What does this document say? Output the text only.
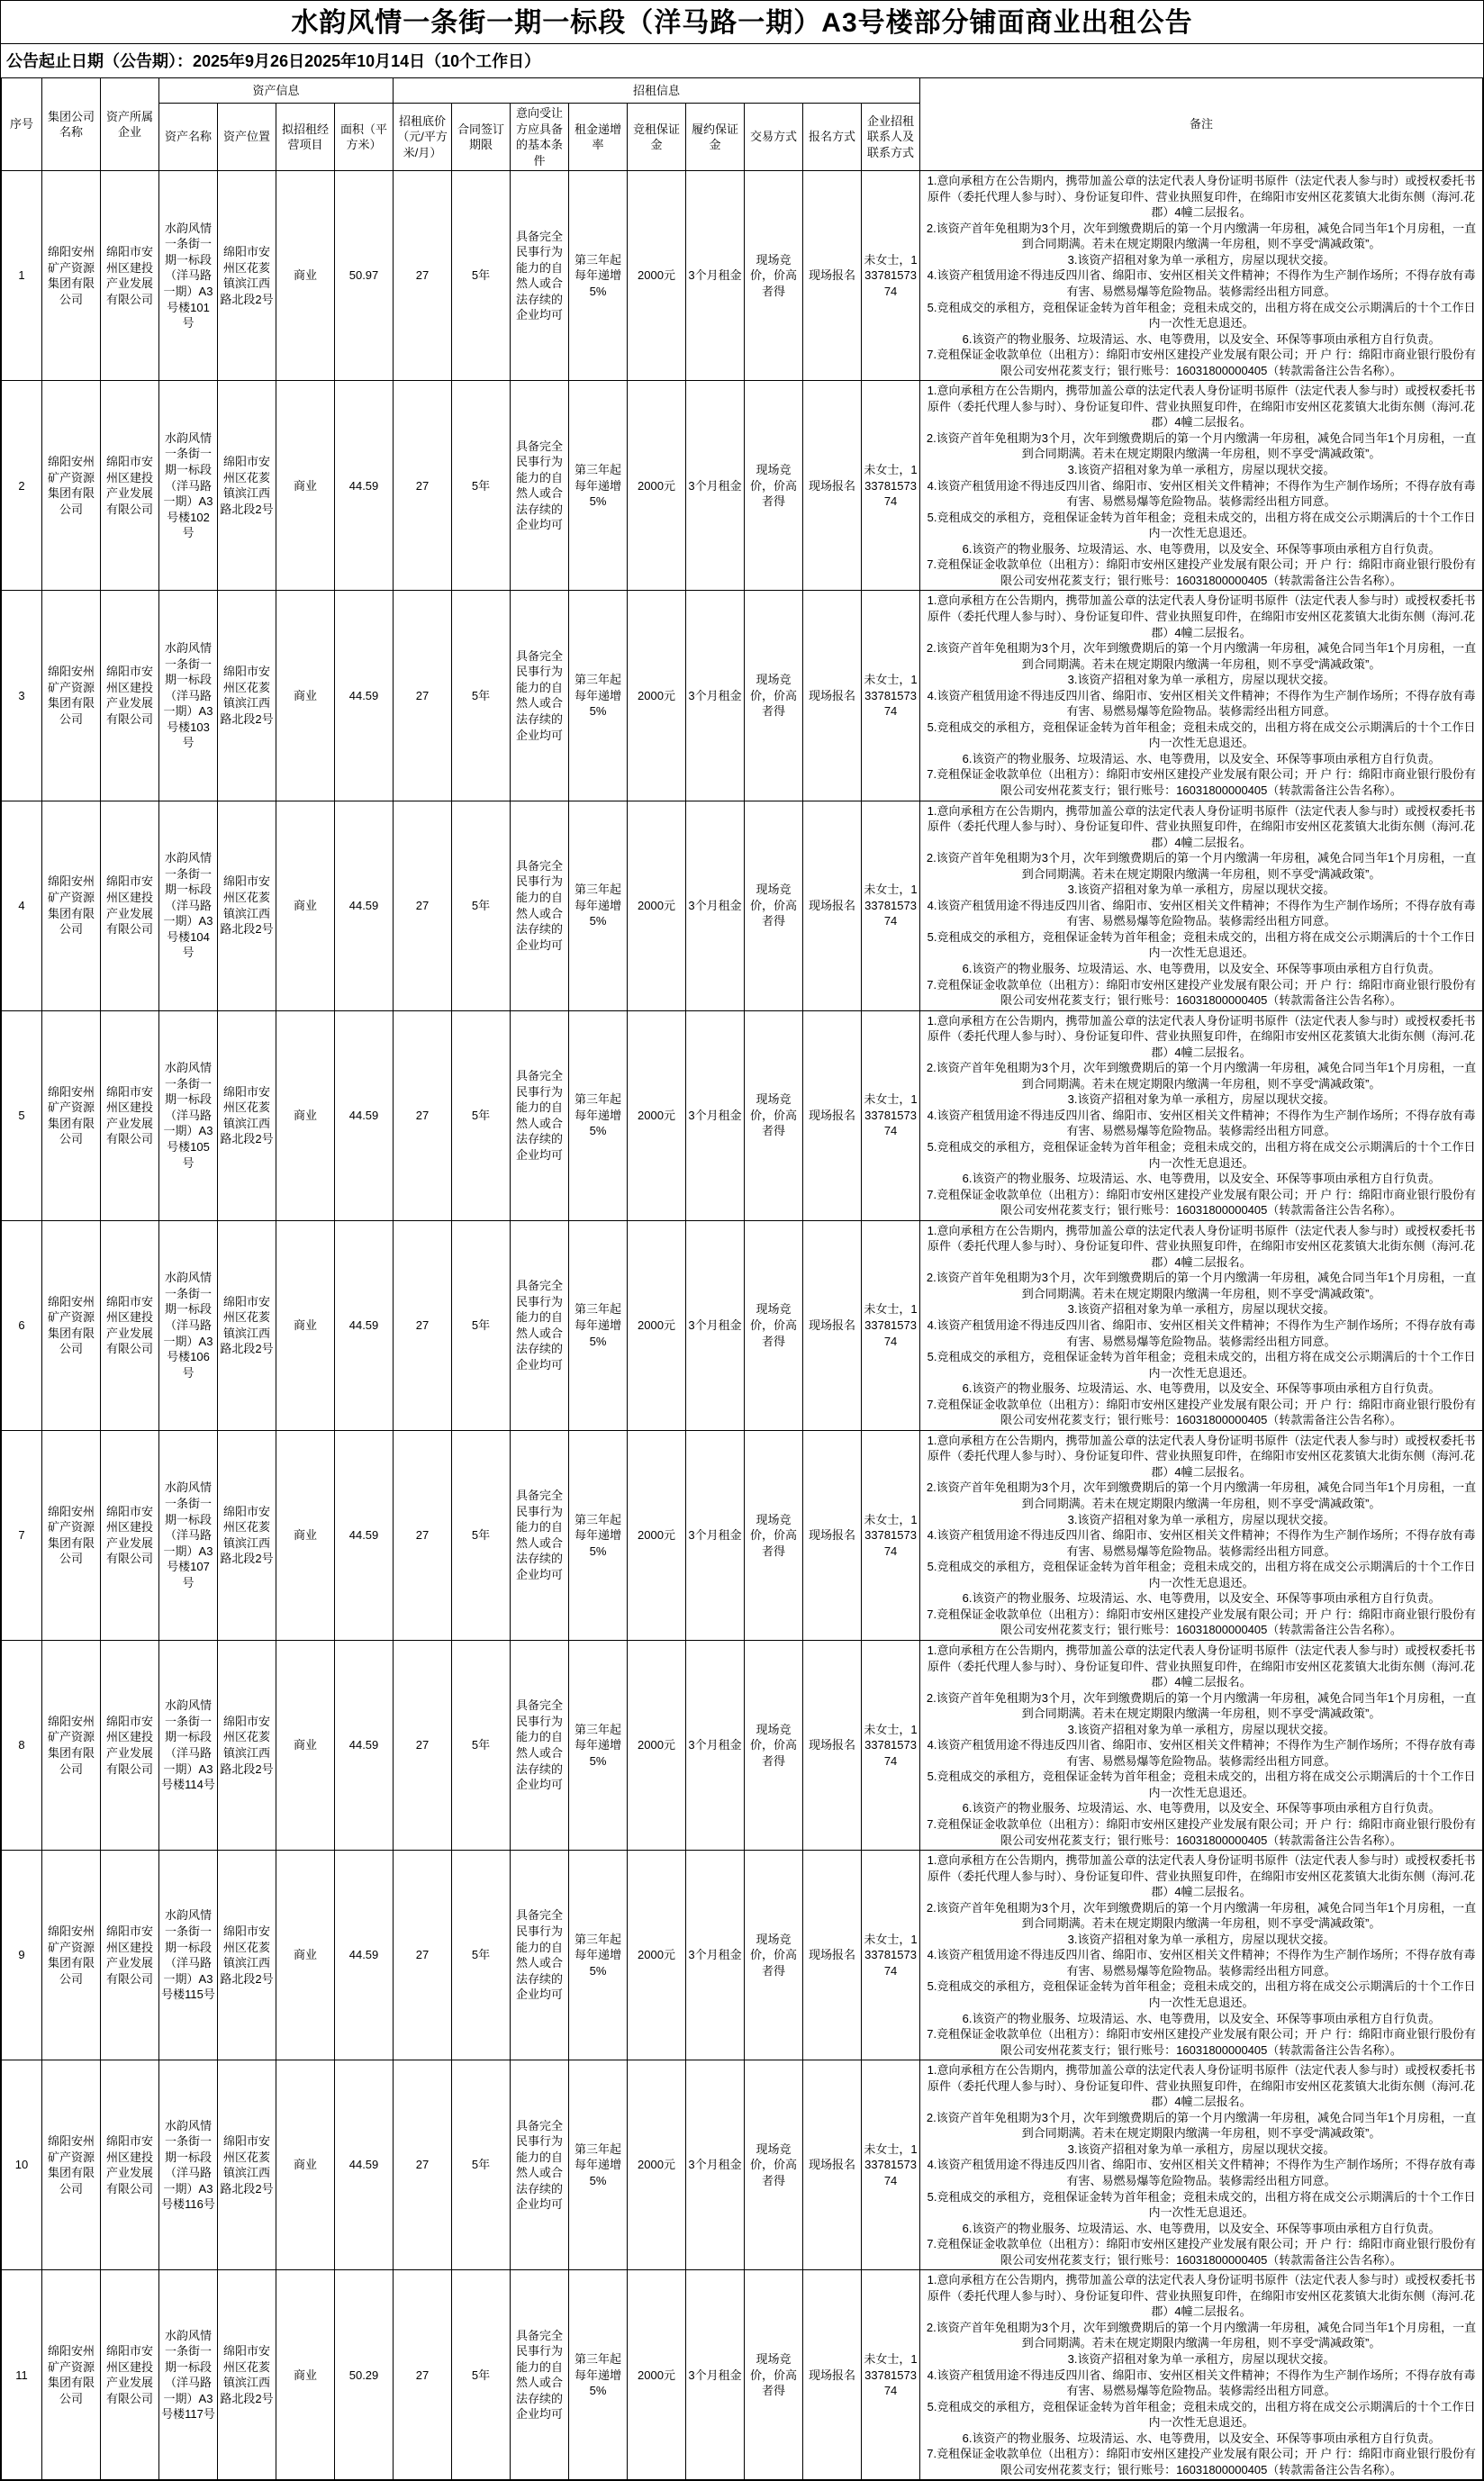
水韵风情一条街一期一标段（洋马路一期）A3号楼部分铺面商业出租公告
公告起止日期（公告期）：2025年9月26日2025年10月14日（10个工作日）
序号	集团公司名称	资产所属企业	资产信息				招租信息									备注
			资产名称	资产位置	拟招租经营项目	面积（平方米）	招租底价（元/平方米/月）	合同签订期限	意向受让方应具备的基本条件	租金递增率	竞租保证金	履约保证金	交易方式	报名方式	企业招租联系人及联系方式	
1	绵阳安州矿产资源集团有限公司	绵阳市安州区建投产业发展有限公司	水韵风情一条街一期一标段（洋马路一期）A3号楼101号	绵阳市安州区花荄镇滨江西路北段2号	商业	50.97	27	5年	具备完全民事行为能力的自然人或合法存续的企业均可	第三年起每年递增5%	2000元	3个月租金	现场竞价，价高者得	现场报名	未女士，13378157374	
1.意向承租方在公告期内，携带加盖公章的法定代表人身份证明书原件（法定代表人参与时）或授权委托书原件（委托代理人参与时）、身份证复印件、营业执照复印件，在绵阳市安州区花荄镇大北街东侧（海河.花郡）4幢二层报名。
2.该资产首年免租期为3个月，次年到缴费期后的第一个月内缴满一年房租，减免合同当年1个月房租，一直到合同期满。若未在规定期限内缴满一年房租，则不享受“满减政策”。
3.该资产招租对象为单一承租方，房屋以现状交接。
4.该资产租赁用途不得违反四川省、绵阳市、安州区相关文件精神；不得作为生产制作场所；不得存放有毒有害、易燃易爆等危险物品。装修需经出租方同意。
5.竞租成交的承租方，竞租保证金转为首年租金；竞租未成交的，出租方将在成交公示期满后的十个工作日内一次性无息退还。
6.该资产的物业服务、垃圾清运、水、电等费用，以及安全、环保等事项由承租方自行负责。
7.竞租保证金收款单位（出租方）：绵阳市安州区建投产业发展有限公司；开 户 行：绵阳市商业银行股份有限公司安州花荄支行；银行账号：16031800000405（转款需备注公告名称）。

2	绵阳安州矿产资源集团有限公司	绵阳市安州区建投产业发展有限公司	水韵风情一条街一期一标段（洋马路一期）A3号楼102号	绵阳市安州区花荄镇滨江西路北段2号	商业	44.59	27	5年	具备完全民事行为能力的自然人或合法存续的企业均可	第三年起每年递增5%	2000元	3个月租金	现场竞价，价高者得	现场报名	未女士，13378157374	
1.意向承租方在公告期内，携带加盖公章的法定代表人身份证明书原件（法定代表人参与时）或授权委托书原件（委托代理人参与时）、身份证复印件、营业执照复印件，在绵阳市安州区花荄镇大北街东侧（海河.花郡）4幢二层报名。
2.该资产首年免租期为3个月，次年到缴费期后的第一个月内缴满一年房租，减免合同当年1个月房租，一直到合同期满。若未在规定期限内缴满一年房租，则不享受“满减政策”。
3.该资产招租对象为单一承租方，房屋以现状交接。
4.该资产租赁用途不得违反四川省、绵阳市、安州区相关文件精神；不得作为生产制作场所；不得存放有毒有害、易燃易爆等危险物品。装修需经出租方同意。
5.竞租成交的承租方，竞租保证金转为首年租金；竞租未成交的，出租方将在成交公示期满后的十个工作日内一次性无息退还。
6.该资产的物业服务、垃圾清运、水、电等费用，以及安全、环保等事项由承租方自行负责。
7.竞租保证金收款单位（出租方）：绵阳市安州区建投产业发展有限公司；开 户 行：绵阳市商业银行股份有限公司安州花荄支行；银行账号：16031800000405（转款需备注公告名称）。

3	绵阳安州矿产资源集团有限公司	绵阳市安州区建投产业发展有限公司	水韵风情一条街一期一标段（洋马路一期）A3号楼103号	绵阳市安州区花荄镇滨江西路北段2号	商业	44.59	27	5年	具备完全民事行为能力的自然人或合法存续的企业均可	第三年起每年递增5%	2000元	3个月租金	现场竞价，价高者得	现场报名	未女士，13378157374	
1.意向承租方在公告期内，携带加盖公章的法定代表人身份证明书原件（法定代表人参与时）或授权委托书原件（委托代理人参与时）、身份证复印件、营业执照复印件，在绵阳市安州区花荄镇大北街东侧（海河.花郡）4幢二层报名。
2.该资产首年免租期为3个月，次年到缴费期后的第一个月内缴满一年房租，减免合同当年1个月房租，一直到合同期满。若未在规定期限内缴满一年房租，则不享受“满减政策”。
3.该资产招租对象为单一承租方，房屋以现状交接。
4.该资产租赁用途不得违反四川省、绵阳市、安州区相关文件精神；不得作为生产制作场所；不得存放有毒有害、易燃易爆等危险物品。装修需经出租方同意。
5.竞租成交的承租方，竞租保证金转为首年租金；竞租未成交的，出租方将在成交公示期满后的十个工作日内一次性无息退还。
6.该资产的物业服务、垃圾清运、水、电等费用，以及安全、环保等事项由承租方自行负责。
7.竞租保证金收款单位（出租方）：绵阳市安州区建投产业发展有限公司；开 户 行：绵阳市商业银行股份有限公司安州花荄支行；银行账号：16031800000405（转款需备注公告名称）。

4	绵阳安州矿产资源集团有限公司	绵阳市安州区建投产业发展有限公司	水韵风情一条街一期一标段（洋马路一期）A3号楼104号	绵阳市安州区花荄镇滨江西路北段2号	商业	44.59	27	5年	具备完全民事行为能力的自然人或合法存续的企业均可	第三年起每年递增5%	2000元	3个月租金	现场竞价，价高者得	现场报名	未女士，13378157374	
1.意向承租方在公告期内，携带加盖公章的法定代表人身份证明书原件（法定代表人参与时）或授权委托书原件（委托代理人参与时）、身份证复印件、营业执照复印件，在绵阳市安州区花荄镇大北街东侧（海河.花郡）4幢二层报名。
2.该资产首年免租期为3个月，次年到缴费期后的第一个月内缴满一年房租，减免合同当年1个月房租，一直到合同期满。若未在规定期限内缴满一年房租，则不享受“满减政策”。
3.该资产招租对象为单一承租方，房屋以现状交接。
4.该资产租赁用途不得违反四川省、绵阳市、安州区相关文件精神；不得作为生产制作场所；不得存放有毒有害、易燃易爆等危险物品。装修需经出租方同意。
5.竞租成交的承租方，竞租保证金转为首年租金；竞租未成交的，出租方将在成交公示期满后的十个工作日内一次性无息退还。
6.该资产的物业服务、垃圾清运、水、电等费用，以及安全、环保等事项由承租方自行负责。
7.竞租保证金收款单位（出租方）：绵阳市安州区建投产业发展有限公司；开 户 行：绵阳市商业银行股份有限公司安州花荄支行；银行账号：16031800000405（转款需备注公告名称）。

5	绵阳安州矿产资源集团有限公司	绵阳市安州区建投产业发展有限公司	水韵风情一条街一期一标段（洋马路一期）A3号楼105号	绵阳市安州区花荄镇滨江西路北段2号	商业	44.59	27	5年	具备完全民事行为能力的自然人或合法存续的企业均可	第三年起每年递增5%	2000元	3个月租金	现场竞价，价高者得	现场报名	未女士，13378157374	
1.意向承租方在公告期内，携带加盖公章的法定代表人身份证明书原件（法定代表人参与时）或授权委托书原件（委托代理人参与时）、身份证复印件、营业执照复印件，在绵阳市安州区花荄镇大北街东侧（海河.花郡）4幢二层报名。
2.该资产首年免租期为3个月，次年到缴费期后的第一个月内缴满一年房租，减免合同当年1个月房租，一直到合同期满。若未在规定期限内缴满一年房租，则不享受“满减政策”。
3.该资产招租对象为单一承租方，房屋以现状交接。
4.该资产租赁用途不得违反四川省、绵阳市、安州区相关文件精神；不得作为生产制作场所；不得存放有毒有害、易燃易爆等危险物品。装修需经出租方同意。
5.竞租成交的承租方，竞租保证金转为首年租金；竞租未成交的，出租方将在成交公示期满后的十个工作日内一次性无息退还。
6.该资产的物业服务、垃圾清运、水、电等费用，以及安全、环保等事项由承租方自行负责。
7.竞租保证金收款单位（出租方）：绵阳市安州区建投产业发展有限公司；开 户 行：绵阳市商业银行股份有限公司安州花荄支行；银行账号：16031800000405（转款需备注公告名称）。

6	绵阳安州矿产资源集团有限公司	绵阳市安州区建投产业发展有限公司	水韵风情一条街一期一标段（洋马路一期）A3号楼106号	绵阳市安州区花荄镇滨江西路北段2号	商业	44.59	27	5年	具备完全民事行为能力的自然人或合法存续的企业均可	第三年起每年递增5%	2000元	3个月租金	现场竞价，价高者得	现场报名	未女士，13378157374	
1.意向承租方在公告期内，携带加盖公章的法定代表人身份证明书原件（法定代表人参与时）或授权委托书原件（委托代理人参与时）、身份证复印件、营业执照复印件，在绵阳市安州区花荄镇大北街东侧（海河.花郡）4幢二层报名。
2.该资产首年免租期为3个月，次年到缴费期后的第一个月内缴满一年房租，减免合同当年1个月房租，一直到合同期满。若未在规定期限内缴满一年房租，则不享受“满减政策”。
3.该资产招租对象为单一承租方，房屋以现状交接。
4.该资产租赁用途不得违反四川省、绵阳市、安州区相关文件精神；不得作为生产制作场所；不得存放有毒有害、易燃易爆等危险物品。装修需经出租方同意。
5.竞租成交的承租方，竞租保证金转为首年租金；竞租未成交的，出租方将在成交公示期满后的十个工作日内一次性无息退还。
6.该资产的物业服务、垃圾清运、水、电等费用，以及安全、环保等事项由承租方自行负责。
7.竞租保证金收款单位（出租方）：绵阳市安州区建投产业发展有限公司；开 户 行：绵阳市商业银行股份有限公司安州花荄支行；银行账号：16031800000405（转款需备注公告名称）。

7	绵阳安州矿产资源集团有限公司	绵阳市安州区建投产业发展有限公司	水韵风情一条街一期一标段（洋马路一期）A3号楼107号	绵阳市安州区花荄镇滨江西路北段2号	商业	44.59	27	5年	具备完全民事行为能力的自然人或合法存续的企业均可	第三年起每年递增5%	2000元	3个月租金	现场竞价，价高者得	现场报名	未女士，13378157374	
1.意向承租方在公告期内，携带加盖公章的法定代表人身份证明书原件（法定代表人参与时）或授权委托书原件（委托代理人参与时）、身份证复印件、营业执照复印件，在绵阳市安州区花荄镇大北街东侧（海河.花郡）4幢二层报名。
2.该资产首年免租期为3个月，次年到缴费期后的第一个月内缴满一年房租，减免合同当年1个月房租，一直到合同期满。若未在规定期限内缴满一年房租，则不享受“满减政策”。
3.该资产招租对象为单一承租方，房屋以现状交接。
4.该资产租赁用途不得违反四川省、绵阳市、安州区相关文件精神；不得作为生产制作场所；不得存放有毒有害、易燃易爆等危险物品。装修需经出租方同意。
5.竞租成交的承租方，竞租保证金转为首年租金；竞租未成交的，出租方将在成交公示期满后的十个工作日内一次性无息退还。
6.该资产的物业服务、垃圾清运、水、电等费用，以及安全、环保等事项由承租方自行负责。
7.竞租保证金收款单位（出租方）：绵阳市安州区建投产业发展有限公司；开 户 行：绵阳市商业银行股份有限公司安州花荄支行；银行账号：16031800000405（转款需备注公告名称）。

8	绵阳安州矿产资源集团有限公司	绵阳市安州区建投产业发展有限公司	水韵风情一条街一期一标段（洋马路一期）A3号楼114号	绵阳市安州区花荄镇滨江西路北段2号	商业	44.59	27	5年	具备完全民事行为能力的自然人或合法存续的企业均可	第三年起每年递增5%	2000元	3个月租金	现场竞价，价高者得	现场报名	未女士，13378157374	
1.意向承租方在公告期内，携带加盖公章的法定代表人身份证明书原件（法定代表人参与时）或授权委托书原件（委托代理人参与时）、身份证复印件、营业执照复印件，在绵阳市安州区花荄镇大北街东侧（海河.花郡）4幢二层报名。
2.该资产首年免租期为3个月，次年到缴费期后的第一个月内缴满一年房租，减免合同当年1个月房租，一直到合同期满。若未在规定期限内缴满一年房租，则不享受“满减政策”。
3.该资产招租对象为单一承租方，房屋以现状交接。
4.该资产租赁用途不得违反四川省、绵阳市、安州区相关文件精神；不得作为生产制作场所；不得存放有毒有害、易燃易爆等危险物品。装修需经出租方同意。
5.竞租成交的承租方，竞租保证金转为首年租金；竞租未成交的，出租方将在成交公示期满后的十个工作日内一次性无息退还。
6.该资产的物业服务、垃圾清运、水、电等费用，以及安全、环保等事项由承租方自行负责。
7.竞租保证金收款单位（出租方）：绵阳市安州区建投产业发展有限公司；开 户 行：绵阳市商业银行股份有限公司安州花荄支行；银行账号：16031800000405（转款需备注公告名称）。

9	绵阳安州矿产资源集团有限公司	绵阳市安州区建投产业发展有限公司	水韵风情一条街一期一标段（洋马路一期）A3号楼115号	绵阳市安州区花荄镇滨江西路北段2号	商业	44.59	27	5年	具备完全民事行为能力的自然人或合法存续的企业均可	第三年起每年递增5%	2000元	3个月租金	现场竞价，价高者得	现场报名	未女士，13378157374	
1.意向承租方在公告期内，携带加盖公章的法定代表人身份证明书原件（法定代表人参与时）或授权委托书原件（委托代理人参与时）、身份证复印件、营业执照复印件，在绵阳市安州区花荄镇大北街东侧（海河.花郡）4幢二层报名。
2.该资产首年免租期为3个月，次年到缴费期后的第一个月内缴满一年房租，减免合同当年1个月房租，一直到合同期满。若未在规定期限内缴满一年房租，则不享受“满减政策”。
3.该资产招租对象为单一承租方，房屋以现状交接。
4.该资产租赁用途不得违反四川省、绵阳市、安州区相关文件精神；不得作为生产制作场所；不得存放有毒有害、易燃易爆等危险物品。装修需经出租方同意。
5.竞租成交的承租方，竞租保证金转为首年租金；竞租未成交的，出租方将在成交公示期满后的十个工作日内一次性无息退还。
6.该资产的物业服务、垃圾清运、水、电等费用，以及安全、环保等事项由承租方自行负责。
7.竞租保证金收款单位（出租方）：绵阳市安州区建投产业发展有限公司；开 户 行：绵阳市商业银行股份有限公司安州花荄支行；银行账号：16031800000405（转款需备注公告名称）。

10	绵阳安州矿产资源集团有限公司	绵阳市安州区建投产业发展有限公司	水韵风情一条街一期一标段（洋马路一期）A3号楼116号	绵阳市安州区花荄镇滨江西路北段2号	商业	44.59	27	5年	具备完全民事行为能力的自然人或合法存续的企业均可	第三年起每年递增5%	2000元	3个月租金	现场竞价，价高者得	现场报名	未女士，13378157374	
1.意向承租方在公告期内，携带加盖公章的法定代表人身份证明书原件（法定代表人参与时）或授权委托书原件（委托代理人参与时）、身份证复印件、营业执照复印件，在绵阳市安州区花荄镇大北街东侧（海河.花郡）4幢二层报名。
2.该资产首年免租期为3个月，次年到缴费期后的第一个月内缴满一年房租，减免合同当年1个月房租，一直到合同期满。若未在规定期限内缴满一年房租，则不享受“满减政策”。
3.该资产招租对象为单一承租方，房屋以现状交接。
4.该资产租赁用途不得违反四川省、绵阳市、安州区相关文件精神；不得作为生产制作场所；不得存放有毒有害、易燃易爆等危险物品。装修需经出租方同意。
5.竞租成交的承租方，竞租保证金转为首年租金；竞租未成交的，出租方将在成交公示期满后的十个工作日内一次性无息退还。
6.该资产的物业服务、垃圾清运、水、电等费用，以及安全、环保等事项由承租方自行负责。
7.竞租保证金收款单位（出租方）：绵阳市安州区建投产业发展有限公司；开 户 行：绵阳市商业银行股份有限公司安州花荄支行；银行账号：16031800000405（转款需备注公告名称）。

11	绵阳安州矿产资源集团有限公司	绵阳市安州区建投产业发展有限公司	水韵风情一条街一期一标段（洋马路一期）A3号楼117号	绵阳市安州区花荄镇滨江西路北段2号	商业	50.29	27	5年	具备完全民事行为能力的自然人或合法存续的企业均可	第三年起每年递增5%	2000元	3个月租金	现场竞价，价高者得	现场报名	未女士，13378157374	
1.意向承租方在公告期内，携带加盖公章的法定代表人身份证明书原件（法定代表人参与时）或授权委托书原件（委托代理人参与时）、身份证复印件、营业执照复印件，在绵阳市安州区花荄镇大北街东侧（海河.花郡）4幢二层报名。
2.该资产首年免租期为3个月，次年到缴费期后的第一个月内缴满一年房租，减免合同当年1个月房租，一直到合同期满。若未在规定期限内缴满一年房租，则不享受“满减政策”。
3.该资产招租对象为单一承租方，房屋以现状交接。
4.该资产租赁用途不得违反四川省、绵阳市、安州区相关文件精神；不得作为生产制作场所；不得存放有毒有害、易燃易爆等危险物品。装修需经出租方同意。
5.竞租成交的承租方，竞租保证金转为首年租金；竞租未成交的，出租方将在成交公示期满后的十个工作日内一次性无息退还。
6.该资产的物业服务、垃圾清运、水、电等费用，以及安全、环保等事项由承租方自行负责。
7.竞租保证金收款单位（出租方）：绵阳市安州区建投产业发展有限公司；开 户 行：绵阳市商业银行股份有限公司安州花荄支行；银行账号：16031800000405（转款需备注公告名称）。
